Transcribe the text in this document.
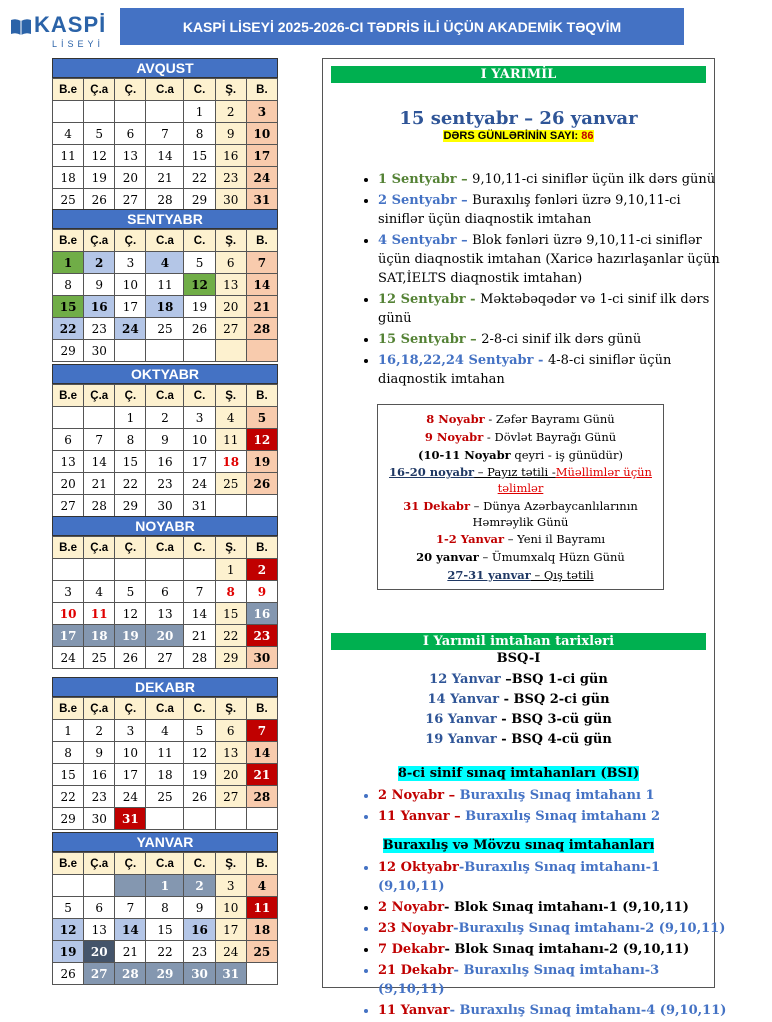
KASPİ
LİSEYİ
KASPİ LİSEYİ 2025-2026-CI TƏDRİS İLİ ÜÇÜN AKADEMİK TƏQVİM
AVQUST
B.e	Ç.a	Ç.	C.a	C.	Ş.	B.
				1	2	3
4	5	6	7	8	9	10
11	12	13	14	15	16	17
18	19	20	21	22	23	24
25	26	27	28	29	30	31
SENTYABR
B.e	Ç.a	Ç.	C.a	C.	Ş.	B.
1	2	3	4	5	6	7
8	9	10	11	12	13	14
15	16	17	18	19	20	21
22	23	24	25	26	27	28
29	30					
OKTYABR
B.e	Ç.a	Ç.	C.a	C.	Ş.	B.
		1	2	3	4	5
6	7	8	9	10	11	12
13	14	15	16	17	18	19
20	21	22	23	24	25	26
27	28	29	30	31		
NOYABR
B.e	Ç.a	Ç.	C.a	C.	Ş.	B.
					1	2
3	4	5	6	7	8	9
10	11	12	13	14	15	16
17	18	19	20	21	22	23
24	25	26	27	28	29	30
DEKABR
B.e	Ç.a	Ç.	C.a	C.	Ş.	B.
1	2	3	4	5	6	7
8	9	10	11	12	13	14
15	16	17	18	19	20	21
22	23	24	25	26	27	28
29	30	31				
YANVAR
B.e	Ç.a	Ç.	C.a	C.	Ş.	B.
			1	2	3	4
5	6	7	8	9	10	11
12	13	14	15	16	17	18
19	20	21	22	23	24	25
26	27	28	29	30	31	
I YARIMİL
15 sentyabr – 26 yanvar
DƏRS GÜNLƏRİNİN SAYI: 86
• 1 Sentyabr – 9,10,11-ci siniflər üçün ilk dərs günü
• 2 Sentyabr – Buraxılış fənləri üzrə 9,10,11-ci siniflər üçün diaqnostik imtahan
• 4 Sentyabr – Blok fənləri üzrə 9,10,11-ci siniflər üçün diaqnostik imtahan (Xaricə hazırlaşanlar üçün SAT,İELTS diaqnostik imtahan)
• 12 Sentyabr - Məktəbəqədər və 1-ci sinif ilk dərs günü
• 15 Sentyabr – 2-8-ci sinif ilk dərs günü
• 16,18,22,24 Sentyabr - 4-8-ci siniflər üçün diaqnostik imtahan
8 Noyabr - Zəfər Bayramı Günü
9 Noyabr - Dövlət Bayrağı Günü
(10-11 Noyabr qeyri - iş günüdür)
16-20 noyabr – Payız tətili -Müəllimlər üçün təlimlər
31 Dekabr – Dünya Azərbaycanlılarının Həmrəylik Günü
1-2 Yanvar – Yeni il Bayramı
20 yanvar – Ümumxalq Hüzn Günü
27-31 yanvar – Qış tətili
I Yarımil imtahan tarixləri
BSQ-I
12 Yanvar –BSQ 1-ci gün
14 Yanvar - BSQ 2-ci gün
16 Yanvar - BSQ 3-cü gün
19 Yanvar - BSQ 4-cü gün
8-ci sinif sınaq imtahanları (BSI)
• 2 Noyabr – Buraxılış Sınaq imtahanı 1
• 11 Yanvar – Buraxılış Sınaq imtahanı 2
Buraxılış və Mövzu sınaq imtahanları
• 12 Oktyabr-Buraxılış Sınaq imtahanı-1 (9,10,11)
• 2 Noyabr- Blok Sınaq imtahanı-1 (9,10,11)
• 23 Noyabr-Buraxılış Sınaq imtahanı-2 (9,10,11)
• 7 Dekabr- Blok Sınaq imtahanı-2 (9,10,11)
• 21 Dekabr- Buraxılış Sınaq imtahanı-3 (9,10,11)
• 11 Yanvar- Buraxılış Sınaq imtahanı-4 (9,10,11)
